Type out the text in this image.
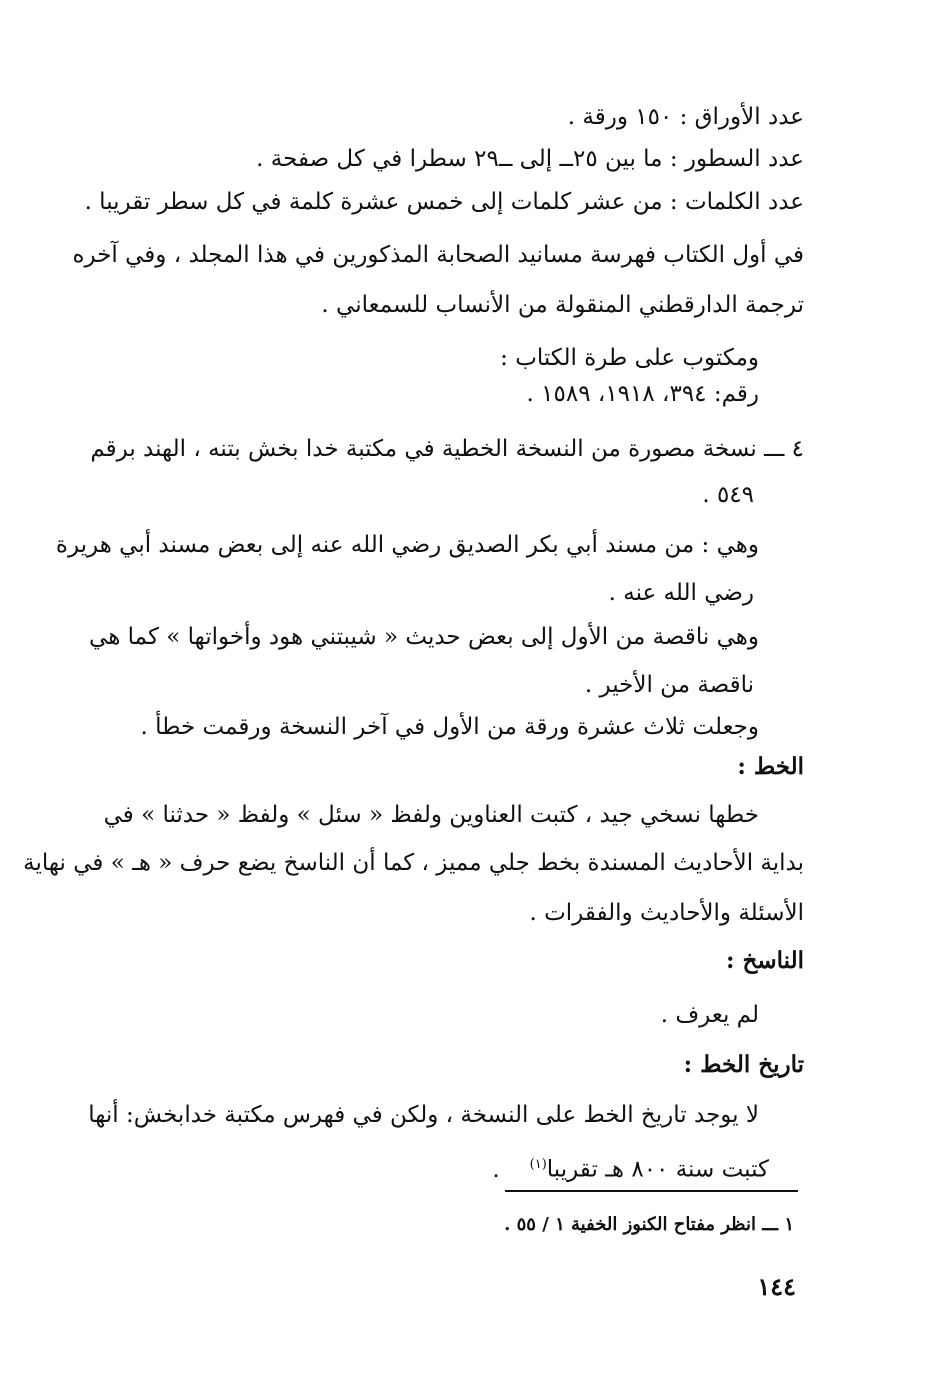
عدد الأوراق : ١٥٠ ورقة .
عدد السطور : ما بين ٢٥ــ إلى ــ٢٩ سطرا في كل صفحة .
عدد الكلمات : من عشر كلمات إلى خمس عشرة كلمة في كل سطر تقريبا .
في أول الكتاب فهرسة مسانيد الصحابة المذكورين في هذا المجلد ، وفي آخره
ترجمة الدارقطني المنقولة من الأنساب للسمعاني .
ومكتوب على طرة الكتاب :
رقم: ٣٩٤، ١٩١٨، ١٥٨٩ .
٤ ـــ نسخة مصورة من النسخة الخطية في مكتبة خدا بخش بتنه ، الهند برقم
٥٤٩ .
وهي : من مسند أبي بكر الصديق رضي الله عنه إلى بعض مسند أبي هريرة
رضي الله عنه .
وهي ناقصة من الأول إلى بعض حديث « شيبتني هود وأخواتها » كما هي
ناقصة من الأخير .
وجعلت ثلاث عشرة ورقة من الأول في آخر النسخة ورقمت خطأ .
الخط :
خطها نسخي جيد ، كتبت العناوين ولفظ « سئل » ولفظ « حدثنا » في
بداية الأحاديث المسندة بخط جلي مميز ، كما أن الناسخ يضع حرف « هـ » في نهاية
الأسئلة والأحاديث والفقرات .
الناسخ :
لم يعرف .
تاريخ الخط :
لا يوجد تاريخ الخط على النسخة ، ولكن في فهرس مكتبة خدابخش: أنها
كتبت سنة ٨٠٠ هـ تقريبا$^{(١)}$.
١ ـــ انظر مفتاح الكنوز الخفية ١ / ٥٥ .
١٤٤
